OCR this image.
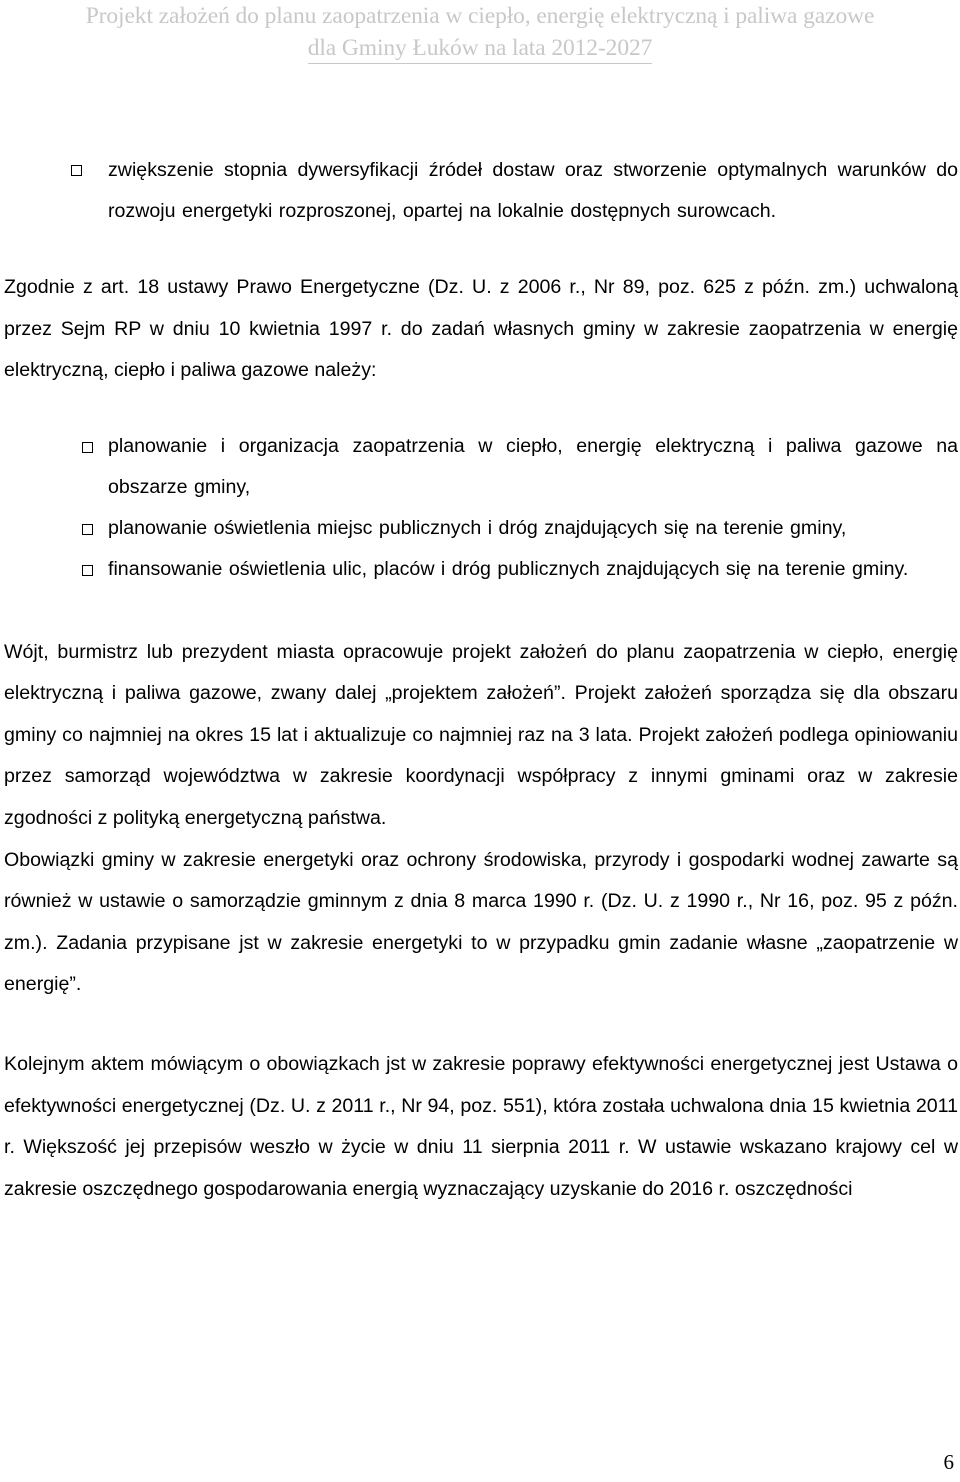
Projekt założeń do planu zaopatrzenia w ciepło, energię elektryczną i paliwa gazowe
dla Gminy Łuków na lata 2012-2027
zwiększenie stopnia dywersyfikacji źródeł dostaw oraz stworzenie optymalnych warunków do rozwoju energetyki rozproszonej, opartej na lokalnie dostępnych surowcach.

Zgodnie z art. 18 ustawy Prawo Energetyczne (Dz. U. z 2006 r., Nr 89, poz. 625 z późn. zm.) uchwaloną przez Sejm RP w dniu 10 kwietnia 1997 r. do zadań własnych gminy w zakresie zaopatrzenia w energię elektryczną, ciepło i paliwa gazowe należy:

planowanie i organizacja zaopatrzenia w ciepło, energię elektryczną i paliwa gazowe na obszarze gminy,
planowanie oświetlenia miejsc publicznych i dróg znajdujących się na terenie gminy,
finansowanie oświetlenia ulic, placów i dróg publicznych znajdujących się na terenie gminy.

Wójt, burmistrz lub prezydent miasta opracowuje projekt założeń do planu zaopatrzenia w ciepło, energię elektryczną i paliwa gazowe, zwany dalej „projektem założeń”. Projekt założeń sporządza się dla obszaru gminy co najmniej na okres 15 lat i aktualizuje co najmniej raz na 3 lata. Projekt założeń podlega opiniowaniu przez samorząd województwa w zakresie koordynacji współpracy z innymi gminami oraz w zakresie zgodności z polityką energetyczną państwa.

Obowiązki gminy w zakresie energetyki oraz ochrony środowiska, przyrody i gospodarki wodnej zawarte są również w ustawie o samorządzie gminnym z dnia 8 marca 1990 r. (Dz. U. z 1990 r., Nr 16, poz. 95 z późn. zm.). Zadania przypisane jst w zakresie energetyki to w przypadku gmin zadanie własne „zaopatrzenie w energię”.

Kolejnym aktem mówiącym o obowiązkach jst w zakresie poprawy efektywności energetycznej jest Ustawa o efektywności energetycznej (Dz. U. z 2011 r., Nr 94, poz. 551), która została uchwalona dnia 15 kwietnia 2011 r. Większość jej przepisów weszło w życie w dniu 11 sierpnia 2011 r. W ustawie wskazano krajowy cel w zakresie oszczędnego gospodarowania energią wyznaczający uzyskanie do 2016 r. oszczędności

6
